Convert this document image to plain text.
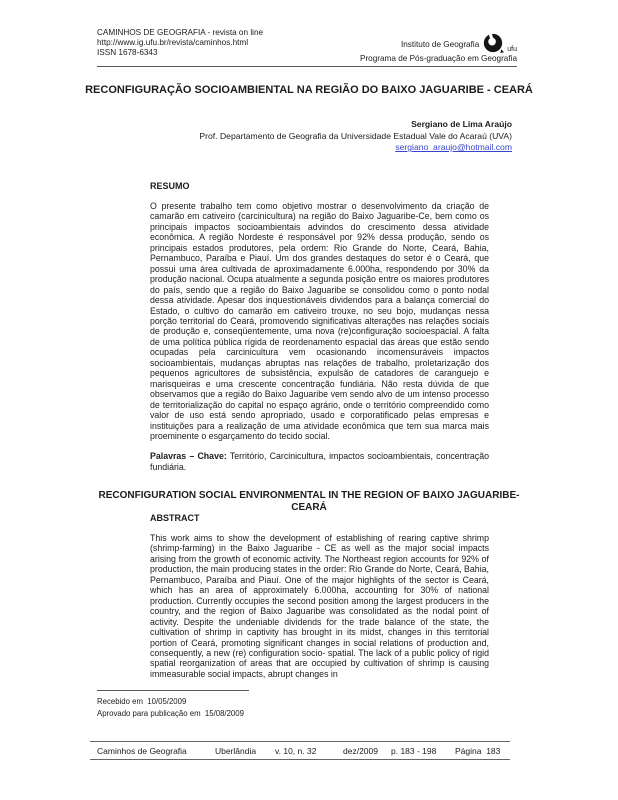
CAMINHOS DE GEOGRAFIA - revista on line
http://www.ig.ufu.br/revista/caminhos.html
ISSN 1678-6343
Instituto de Geografia
ufu
Programa de Pós-graduação em Geografia
RECONFIGURAÇÃO SOCIOAMBIENTAL NA REGIÃO DO BAIXO JAGUARIBE - CEARÁ
Sergiano de Lima Araújo
Prof. Departamento de Geografia da Universidade Estadual Vale do Acaraú (UVA)
sergiano_araujo@hotmail.com
RESUMO

O presente trabalho tem como objetivo mostrar o desenvolvimento da criação de camarão em cativeiro (carcinicultura) na região do Baixo Jaguaribe-Ce, bem como os principais impactos socioambientais advindos do crescimento dessa atividade econômica. A região Nordeste é responsável por 92% dessa produção, sendo os principais estados produtores, pela ordem: Rio Grande do Norte, Ceará, Bahia, Pernambuco, Paraíba e Piauí. Um dos grandes destaques do setor é o Ceará, que possui uma área cultivada de aproximadamente 6.000ha, respondendo por 30% da produção nacional. Ocupa atualmente a segunda posição entre os maiores produtores do país, sendo que a região do Baixo Jaguaribe se consolidou como o ponto nodal dessa atividade. Apesar dos inquestionáveis dividendos para a balança comercial do Estado, o cultivo do camarão em cativeiro trouxe, no seu bojo, mudanças nessa porção territorial do Ceará, promovendo significativas alterações nas relações sociais de produção e, conseqüentemente, uma nova (re)configuração socioespacial. A falta de uma política pública rígida de reordenamento espacial das áreas que estão sendo ocupadas pela carcinicultura vem ocasionando incomensuráveis impactos socioambientais, mudanças abruptas nas relações de trabalho, proletarização dos pequenos agricultores de subsistência, expulsão de catadores de caranguejo e marisqueiras e uma crescente concentração fundiária. Não resta dúvida de que observamos que a região do Baixo Jaguaribe vem sendo alvo de um intenso processo de territorialização do capital no espaço agrário, onde o território compreendido como valor de uso está sendo apropriado, usado e corporatificado pelas empresas e instituições para a realização de uma atividade econômica que tem sua marca mais proeminente o esgarçamento do tecido social.

Palavras – Chave: Território, Carcinicultura, impactos socioambientais, concentração fundiária.

RECONFIGURATION SOCIAL ENVIRONMENTAL IN THE REGION OF BAIXO JAGUARIBE-CEARÁ
ABSTRACT

This work aims to show the development of establishing of rearing captive shrimp (shrimp-farming) in the Baixo Jaguaribe - CE as well as the major social impacts arising from the growth of economic activity. The Northeast region accounts for 92% of production, the main producing states in the order: Rio Grande do Norte, Ceará, Bahia, Pernambuco, Paraíba and Piauí. One of the major highlights of the sector is Ceará, which has an area of approximately 6.000ha, accounting for 30% of national production. Currently occupies the second position among the largest producers in the country, and the region of Baixo Jaguaribe was consolidated as the nodal point of activity. Despite the undeniable dividends for the trade balance of the state, the cultivation of shrimp in captivity has brought in its midst, changes in this territorial portion of Ceará, promoting significant changes in social relations of production and, consequently, a new (re) configuration socio- spatial. The lack of a public policy of rigid spatial reorganization of areas that are occupied by cultivation of shrimp is causing immeasurable social impacts, abrupt changes in

Recebido em  10/05/2009
Aprovado para publicação em  15/08/2009
Caminhos de Geografia	Uberlândia v. 10, n. 32	dez/2009 p. 183 - 198 Página  183
